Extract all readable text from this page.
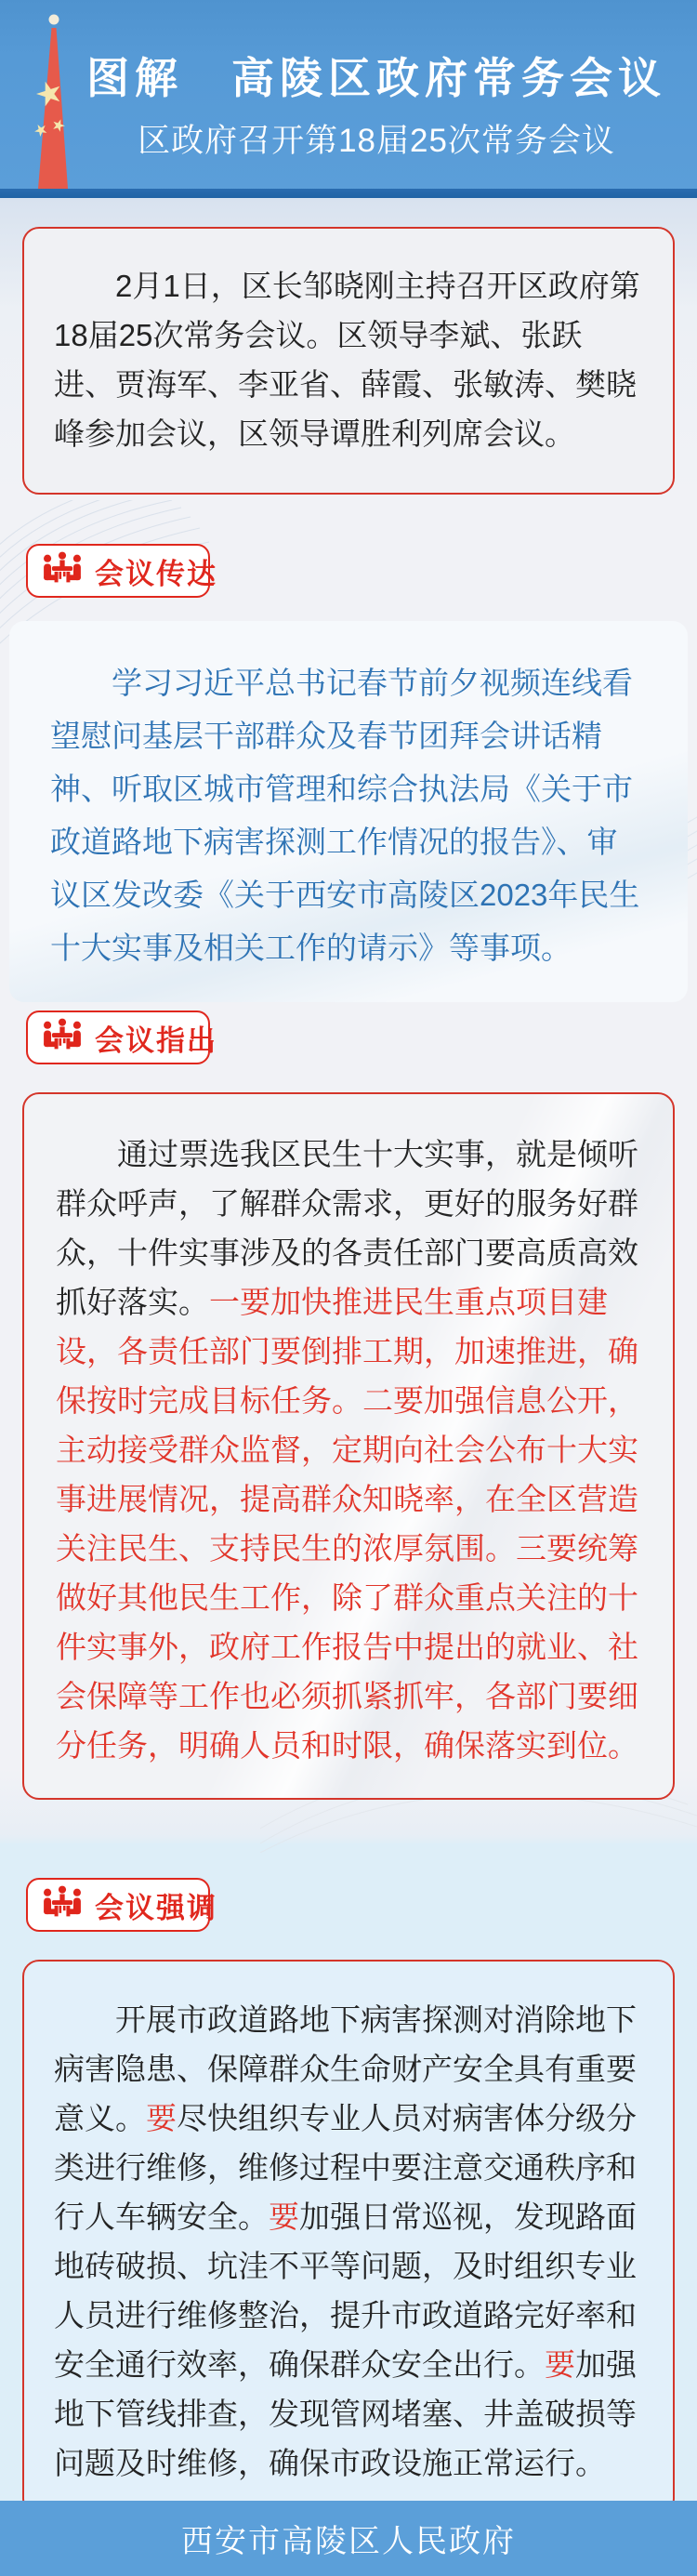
图解　高陵区政府常务会议
区政府召开第18届25次常务会议

2月1日，区长邹晓刚主持召开区政府第18届25次常务会议。区领导李斌、张跃进、贾海军、李亚省、薛霞、张敏涛、樊晓峰参加会议，区领导谭胜利列席会议。

会议传达

学习习近平总书记春节前夕视频连线看望慰问基层干部群众及春节团拜会讲话精神、听取区城市管理和综合执法局《关于市政道路地下病害探测工作情况的报告》、审议区发改委《关于西安市高陵区2023年民生十大实事及相关工作的请示》等事项。

会议指出

通过票选我区民生十大实事，就是倾听群众呼声，了解群众需求，更好的服务好群众，十件实事涉及的各责任部门要高质高效抓好落实。一要加快推进民生重点项目建设，各责任部门要倒排工期，加速推进，确保按时完成目标任务。二要加强信息公开，主动接受群众监督，定期向社会公布十大实事进展情况，提高群众知晓率，在全区营造关注民生、支持民生的浓厚氛围。三要统筹做好其他民生工作，除了群众重点关注的十件实事外，政府工作报告中提出的就业、社会保障等工作也必须抓紧抓牢，各部门要细分任务，明确人员和时限，确保落实到位。

会议强调

开展市政道路地下病害探测对消除地下病害隐患、保障群众生命财产安全具有重要意义。要尽快组织专业人员对病害体分级分类进行维修，维修过程中要注意交通秩序和行人车辆安全。要加强日常巡视，发现路面地砖破损、坑洼不平等问题，及时组织专业人员进行维修整治，提升市政道路完好率和安全通行效率，确保群众安全出行。要加强地下管线排查，发现管网堵塞、井盖破损等问题及时维修，确保市政设施正常运行。

西安市高陵区人民政府
